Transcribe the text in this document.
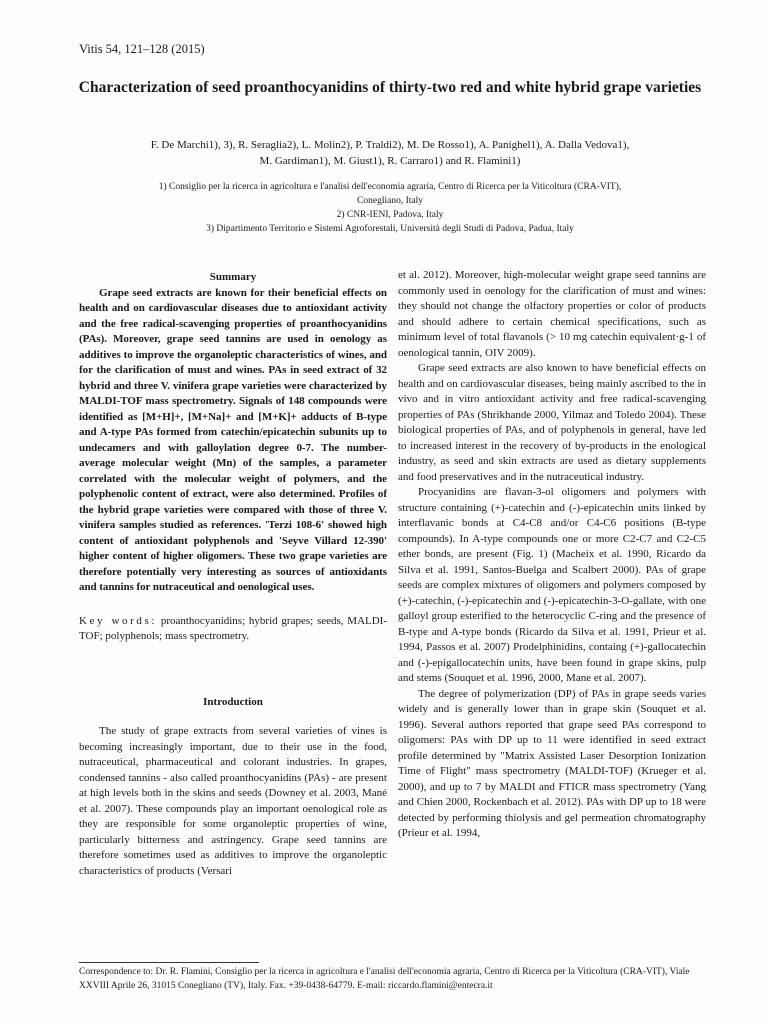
Vitis 54, 121–128 (2015)
Characterization of seed proanthocyanidins of thirty-two red and white hybrid grape varieties
F. De Marchi1), 3), R. Seraglia2), L. Molin2), P. Traldi2), M. De Rosso1), A. Panighel1), A. Dalla Vedova1),
M. Gardiman1), M. Giust1), R. Carraro1) and R. Flamini1)
1) Consiglio per la ricerca in agricoltura e l'analisi dell'economia agraria, Centro di Ricerca per la Viticoltura (CRA-VIT),
Conegliano, Italy
2) CNR-IENI, Padova, Italy
3) Dipartimento Territorio e Sistemi Agroforestali, Università degli Studi di Padova, Padua, Italy

Summary

Grape seed extracts are known for their beneficial effects on health and on cardiovascular diseases due to antioxidant activity and the free radical-scavenging properties of proanthocyanidins (PAs). Moreover, grape seed tannins are used in oenology as additives to improve the organoleptic characteristics of wines, and for the clarification of must and wines. PAs in seed extract of 32 hybrid and three V. vinifera grape varieties were characterized by MALDI-TOF mass spectrometry. Signals of 148 compounds were identified as [M+H]+, [M+Na]+ and [M+K]+ adducts of B-type and A-type PAs formed from catechin/epicatechin subunits up to undecamers and with galloylation degree 0-7. The number-average molecular weight (Mn) of the samples, a parameter correlated with the molecular weight of polymers, and the polyphenolic content of extract, were also determined. Profiles of the hybrid grape varieties were compared with those of three V. vinifera samples studied as references. 'Terzi 108-6' showed high content of antioxidant polyphenols and 'Seyve Villard 12-390' higher content of higher oligomers. These two grape varieties are therefore potentially very interesting as sources of antioxidants and tannins for nutraceutical and oenological uses.

Key words: proanthocyanidins; hybrid grapes; seeds, MALDI-TOF; polyphenols; mass spectrometry.

Introduction

The study of grape extracts from several varieties of vines is becoming increasingly important, due to their use in the food, nutraceutical, pharmaceutical and colorant industries. In grapes, condensed tannins - also called proanthocyanidins (PAs) - are present at high levels both in the skins and seeds (Downey et al. 2003, Mané et al. 2007). These compounds play an important oenological role as they are responsible for some organoleptic properties of wine, particularly bitterness and astringency. Grape seed tannins are therefore sometimes used as additives to improve the organoleptic characteristics of products (Versari

et al. 2012). Moreover, high-molecular weight grape seed tannins are commonly used in oenology for the clarification of must and wines: they should not change the olfactory properties or color of products and should adhere to certain chemical specifications, such as minimum level of total flavanols (> 10 mg catechin equivalent·g-1 of oenological tannin, OIV 2009).

Grape seed extracts are also known to have beneficial effects on health and on cardiovascular diseases, being mainly ascribed to the in vivo and in vitro antioxidant activity and free radical-scavenging properties of PAs (Shrikhande 2000, Yilmaz and Toledo 2004). These biological properties of PAs, and of polyphenols in general, have led to increased interest in the recovery of by-products in the enological industry, as seed and skin extracts are used as dietary supplements and food preservatives and in the nutraceutical industry.

Procyanidins are flavan-3-ol oligomers and polymers with structure containing (+)-catechin and (-)-epicatechin units linked by interflavanic bonds at C4-C8 and/or C4-C6 positions (B-type compounds). In A-type compounds one or more C2-C7 and C2-C5 ether bonds, are present (Fig. 1) (Macheix et al. 1990, Ricardo da Silva et al. 1991, Santos-Buelga and Scalbert 2000). PAs of grape seeds are complex mixtures of oligomers and polymers composed by (+)-catechin, (-)-epicatechin and (-)-epicatechin-3-O-gallate, with one galloyl group esterified to the heterocyclic C-ring and the presence of B-type and A-type bonds (Ricardo da Silva et al. 1991, Prieur et al. 1994, Passos et al. 2007) Prodelphinidins, containg (+)-gallocatechin and (-)-epigallocatechin units, have been found in grape skins, pulp and stems (Souquet et al. 1996, 2000, Mane et al. 2007).

The degree of polymerization (DP) of PAs in grape seeds varies widely and is generally lower than in grape skin (Souquet et al. 1996). Several authors reported that grape seed PAs correspond to oligomers: PAs with DP up to 11 were identified in seed extract profile determined by "Matrix Assisted Laser Desorption Ionization Time of Flight" mass spectrometry (MALDI-TOF) (Krueger et al. 2000), and up to 7 by MALDI and FTICR mass spectrometry (Yang and Chien 2000, Rockenbach et al. 2012). PAs with DP up to 18 were detected by performing thiolysis and gel permeation chromatography (Prieur et al. 1994,

Correspondence to: Dr. R. Flamini, Consiglio per la ricerca in agricoltura e l'analisi dell'economia agraria, Centro di Ricerca per la Viticoltura (CRA-VIT), Viale XXVIII Aprile 26, 31015 Conegliano (TV), Italy. Fax. +39-0438-64779. E-mail: riccardo.flamini@entecra.it
